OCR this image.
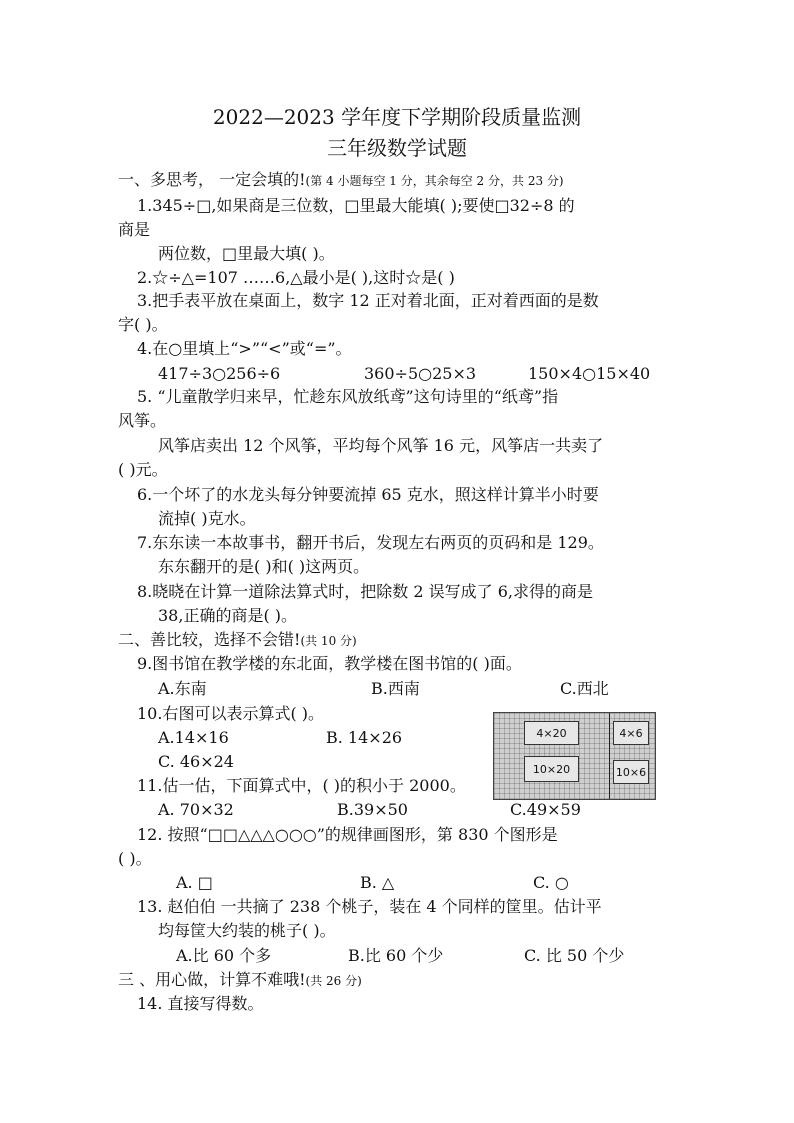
2022—2023 学年度下学期阶段质量监测
三年级数学试题
一、多思考， 一定会填的!(第 4 小题每空 1 分，其余每空 2 分，共 23 分)
1.345÷□,如果商是三位数，□里最大能填( );要使□32÷8 的
商是
两位数，□里最大填( )。
2.☆÷△=107 ……6,△最小是( ),这时☆是( )
3.把手表平放在桌面上，数字 12 正对着北面，正对着西面的是数
字( )。
4.在○里填上“>”“<”或“=”。
417÷3○256÷6	360÷5○25×3	150×4○15×40
5. “儿童散学归来早，忙趁东风放纸鸢”这句诗里的“纸鸢”指
风筝。
风筝店卖出 12 个风筝，平均每个风筝 16 元，风筝店一共卖了
( )元。
6.一个坏了的水龙头每分钟要流掉 65 克水，照这样计算半小时要
流掉( )克水。
7.东东读一本故事书，翻开书后，发现左右两页的页码和是 129。
东东翻开的是( )和( )这两页。
8.晓晓在计算一道除法算式时，把除数 2 误写成了 6,求得的商是
38,正确的商是( )。
二、善比较，选择不会错!(共 10 分)
9.图书馆在教学楼的东北面，教学楼在图书馆的( )面。
A.东南	B.西南	C.西北
10.右图可以表示算式( )。
A.14×16	B. 14×26
C. 46×24
4×20	4×6
10×20	10×6
11.估一估，下面算式中，( )的积小于 2000。
A. 70×32	B.39×50	C.49×59
12. 按照“□□△△△○○○”的规律画图形，第 830 个图形是
( )。
A. □	B. △	C. ○
13. 赵伯伯 一共摘了 238 个桃子，装在 4 个同样的筐里。估计平
均每筐大约装的桃子( )。
A.比 60 个多	B.比 60 个少	C. 比 50 个少
三 、用心做，计算不难哦!(共 26 分)
14. 直接写得数。
